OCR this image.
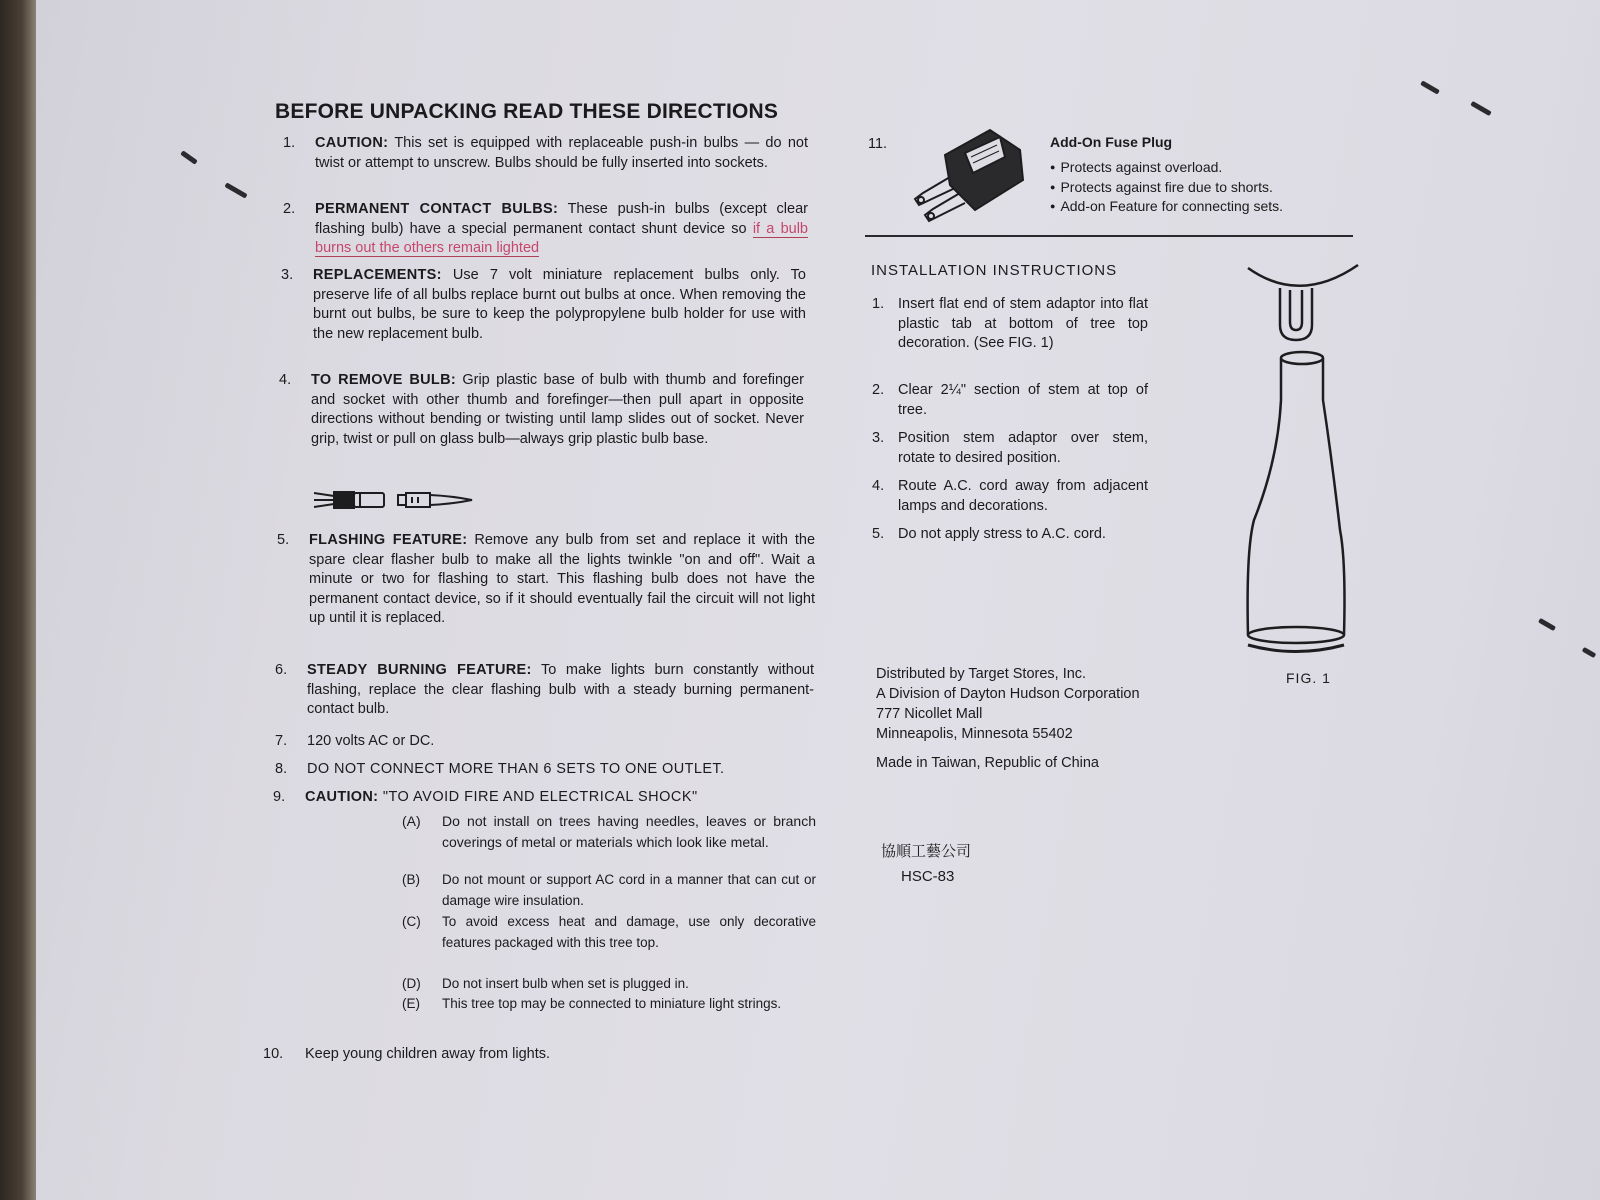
BEFORE UNPACKING READ THESE DIRECTIONS
1.	CAUTION: This set is equipped with replaceable push-in bulbs — do not twist or attempt to unscrew. Bulbs should be fully inserted into sockets.
2.	PERMANENT CONTACT BULBS: These push-in bulbs (except clear flashing bulb) have a special permanent contact shunt device so if a bulb burns out the others remain lighted
3.	REPLACEMENTS: Use 7 volt miniature replacement bulbs only. To preserve life of all bulbs replace burnt out bulbs at once. When removing the burnt out bulbs, be sure to keep the polypropylene bulb holder for use with the new replacement bulb.
4.	TO REMOVE BULB: Grip plastic base of bulb with thumb and forefinger and socket with other thumb and forefinger—then pull apart in opposite directions without bending or twisting until lamp slides out of socket. Never grip, twist or pull on glass bulb—always grip plastic bulb base.
5.	FLASHING FEATURE: Remove any bulb from set and replace it with the spare clear flasher bulb to make all the lights twinkle "on and off". Wait a minute or two for flashing to start. This flashing bulb does not have the permanent contact device, so if it should eventually fail the circuit will not light up until it is replaced.
6.	STEADY BURNING FEATURE: To make lights burn constantly without flashing, replace the clear flashing bulb with a steady burning permanent-contact bulb.
7.	120 volts AC or DC.
8.	DO NOT CONNECT MORE THAN 6 SETS TO ONE OUTLET.
9.	CAUTION: "TO AVOID FIRE AND ELECTRICAL SHOCK"
(A) Do not install on trees having needles, leaves or branch coverings of metal or materials which look like metal.
(B) Do not mount or support AC cord in a manner that can cut or damage wire insulation.
(C) To avoid excess heat and damage, use only decorative features packaged with this tree top.
(D) Do not insert bulb when set is plugged in.
(E) This tree top may be connected to miniature light strings.
10.	Keep young children away from lights.
11.	Add-On Fuse Plug
● Protects against overload.
● Protects against fire due to shorts.
● Add-on Feature for connecting sets.
INSTALLATION INSTRUCTIONS
1. Insert flat end of stem adaptor into flat plastic tab at bottom of tree top decoration. (See FIG. 1)
2. Clear 2¼" section of stem at top of tree.
3. Position stem adaptor over stem, rotate to desired position.
4. Route A.C. cord away from adjacent lamps and decorations.
5. Do not apply stress to A.C. cord.
FIG. 1
Distributed by Target Stores, Inc.
A Division of Dayton Hudson Corporation
777 Nicollet Mall
Minneapolis, Minnesota 55402
Made in Taiwan, Republic of China
協順工藝公司
HSC-83
